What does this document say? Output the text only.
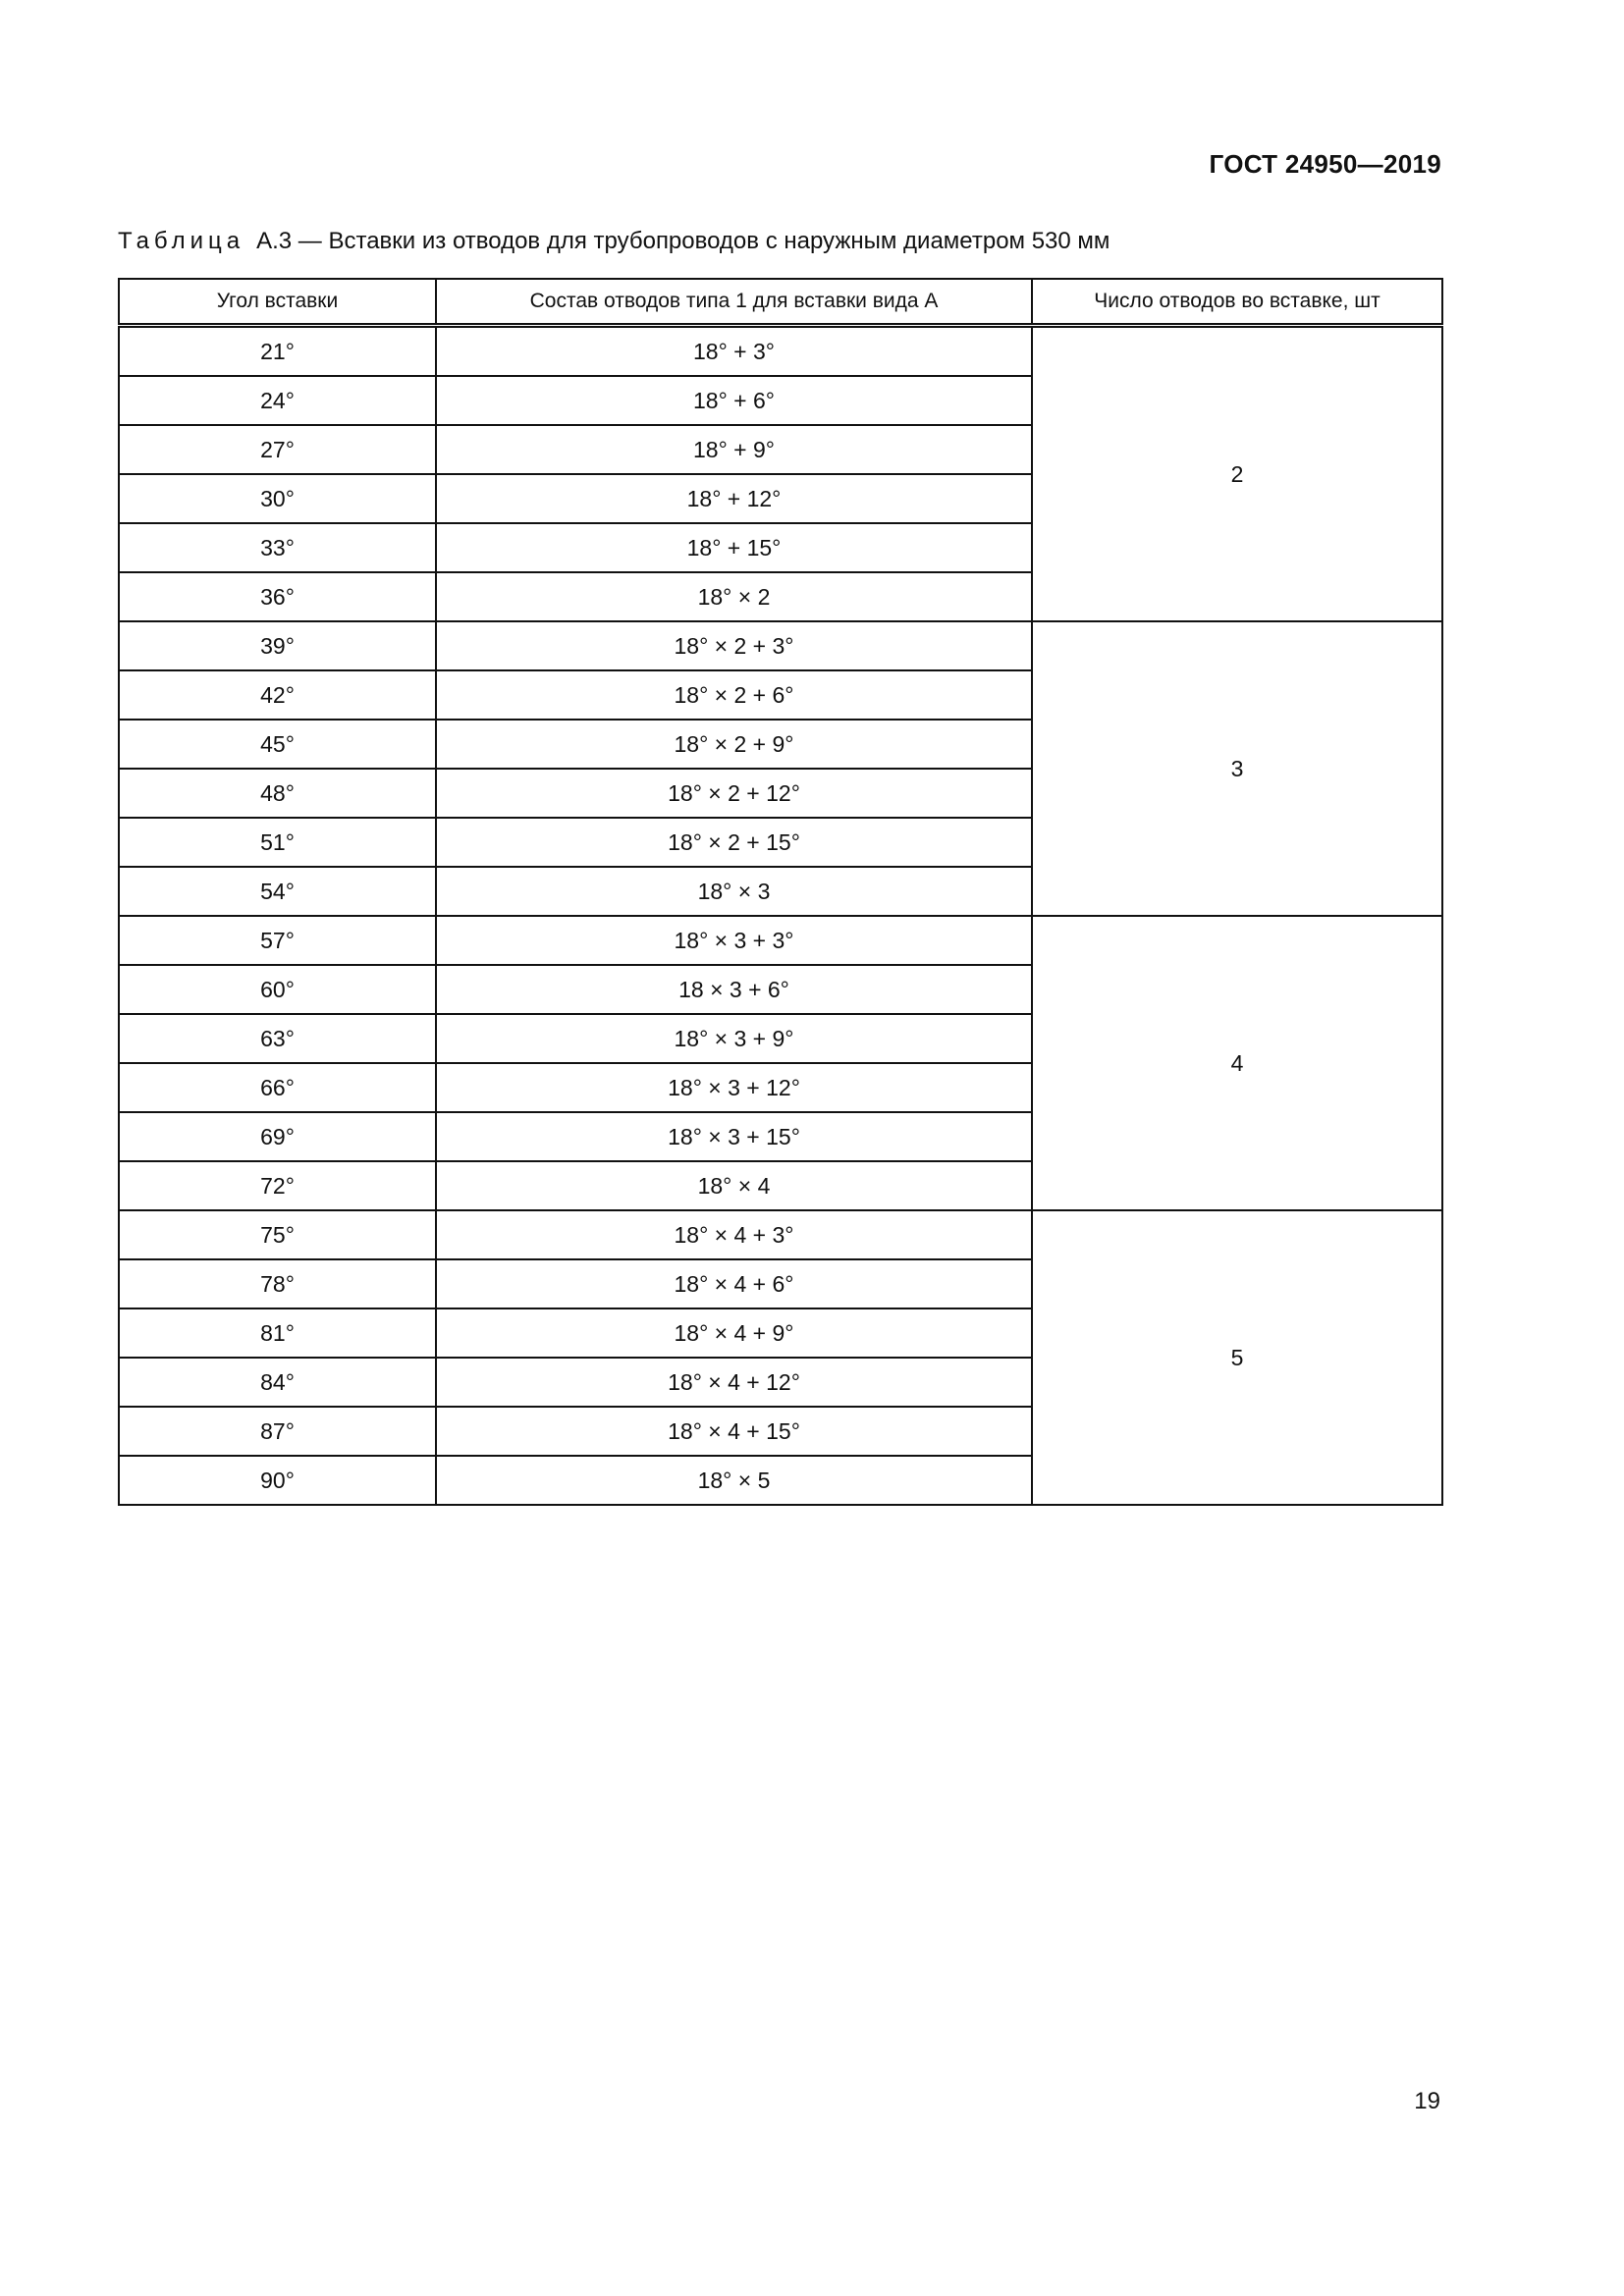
ГОСТ 24950—2019
Таблица А.3 — Вставки из отводов для трубопроводов с наружным диаметром 530 мм
Угол вставки	Состав отводов типа 1 для вставки вида А	Число отводов во вставке, шт
21°	18° + 3°	2
24°	18° + 6°	
27°	18° + 9°	
30°	18° + 12°	
33°	18° + 15°	
36°	18° × 2	
39°	18° × 2 + 3°	3
42°	18° × 2 + 6°	
45°	18° × 2 + 9°	
48°	18° × 2 + 12°	
51°	18° × 2 + 15°	
54°	18° × 3	
57°	18° × 3 + 3°	4
60°	18 × 3 + 6°	
63°	18° × 3 + 9°	
66°	18° × 3 + 12°	
69°	18° × 3 + 15°	
72°	18° × 4	
75°	18° × 4 + 3°	5
78°	18° × 4 + 6°	
81°	18° × 4 + 9°	
84°	18° × 4 + 12°	
87°	18° × 4 + 15°	
90°	18° × 5	
19
